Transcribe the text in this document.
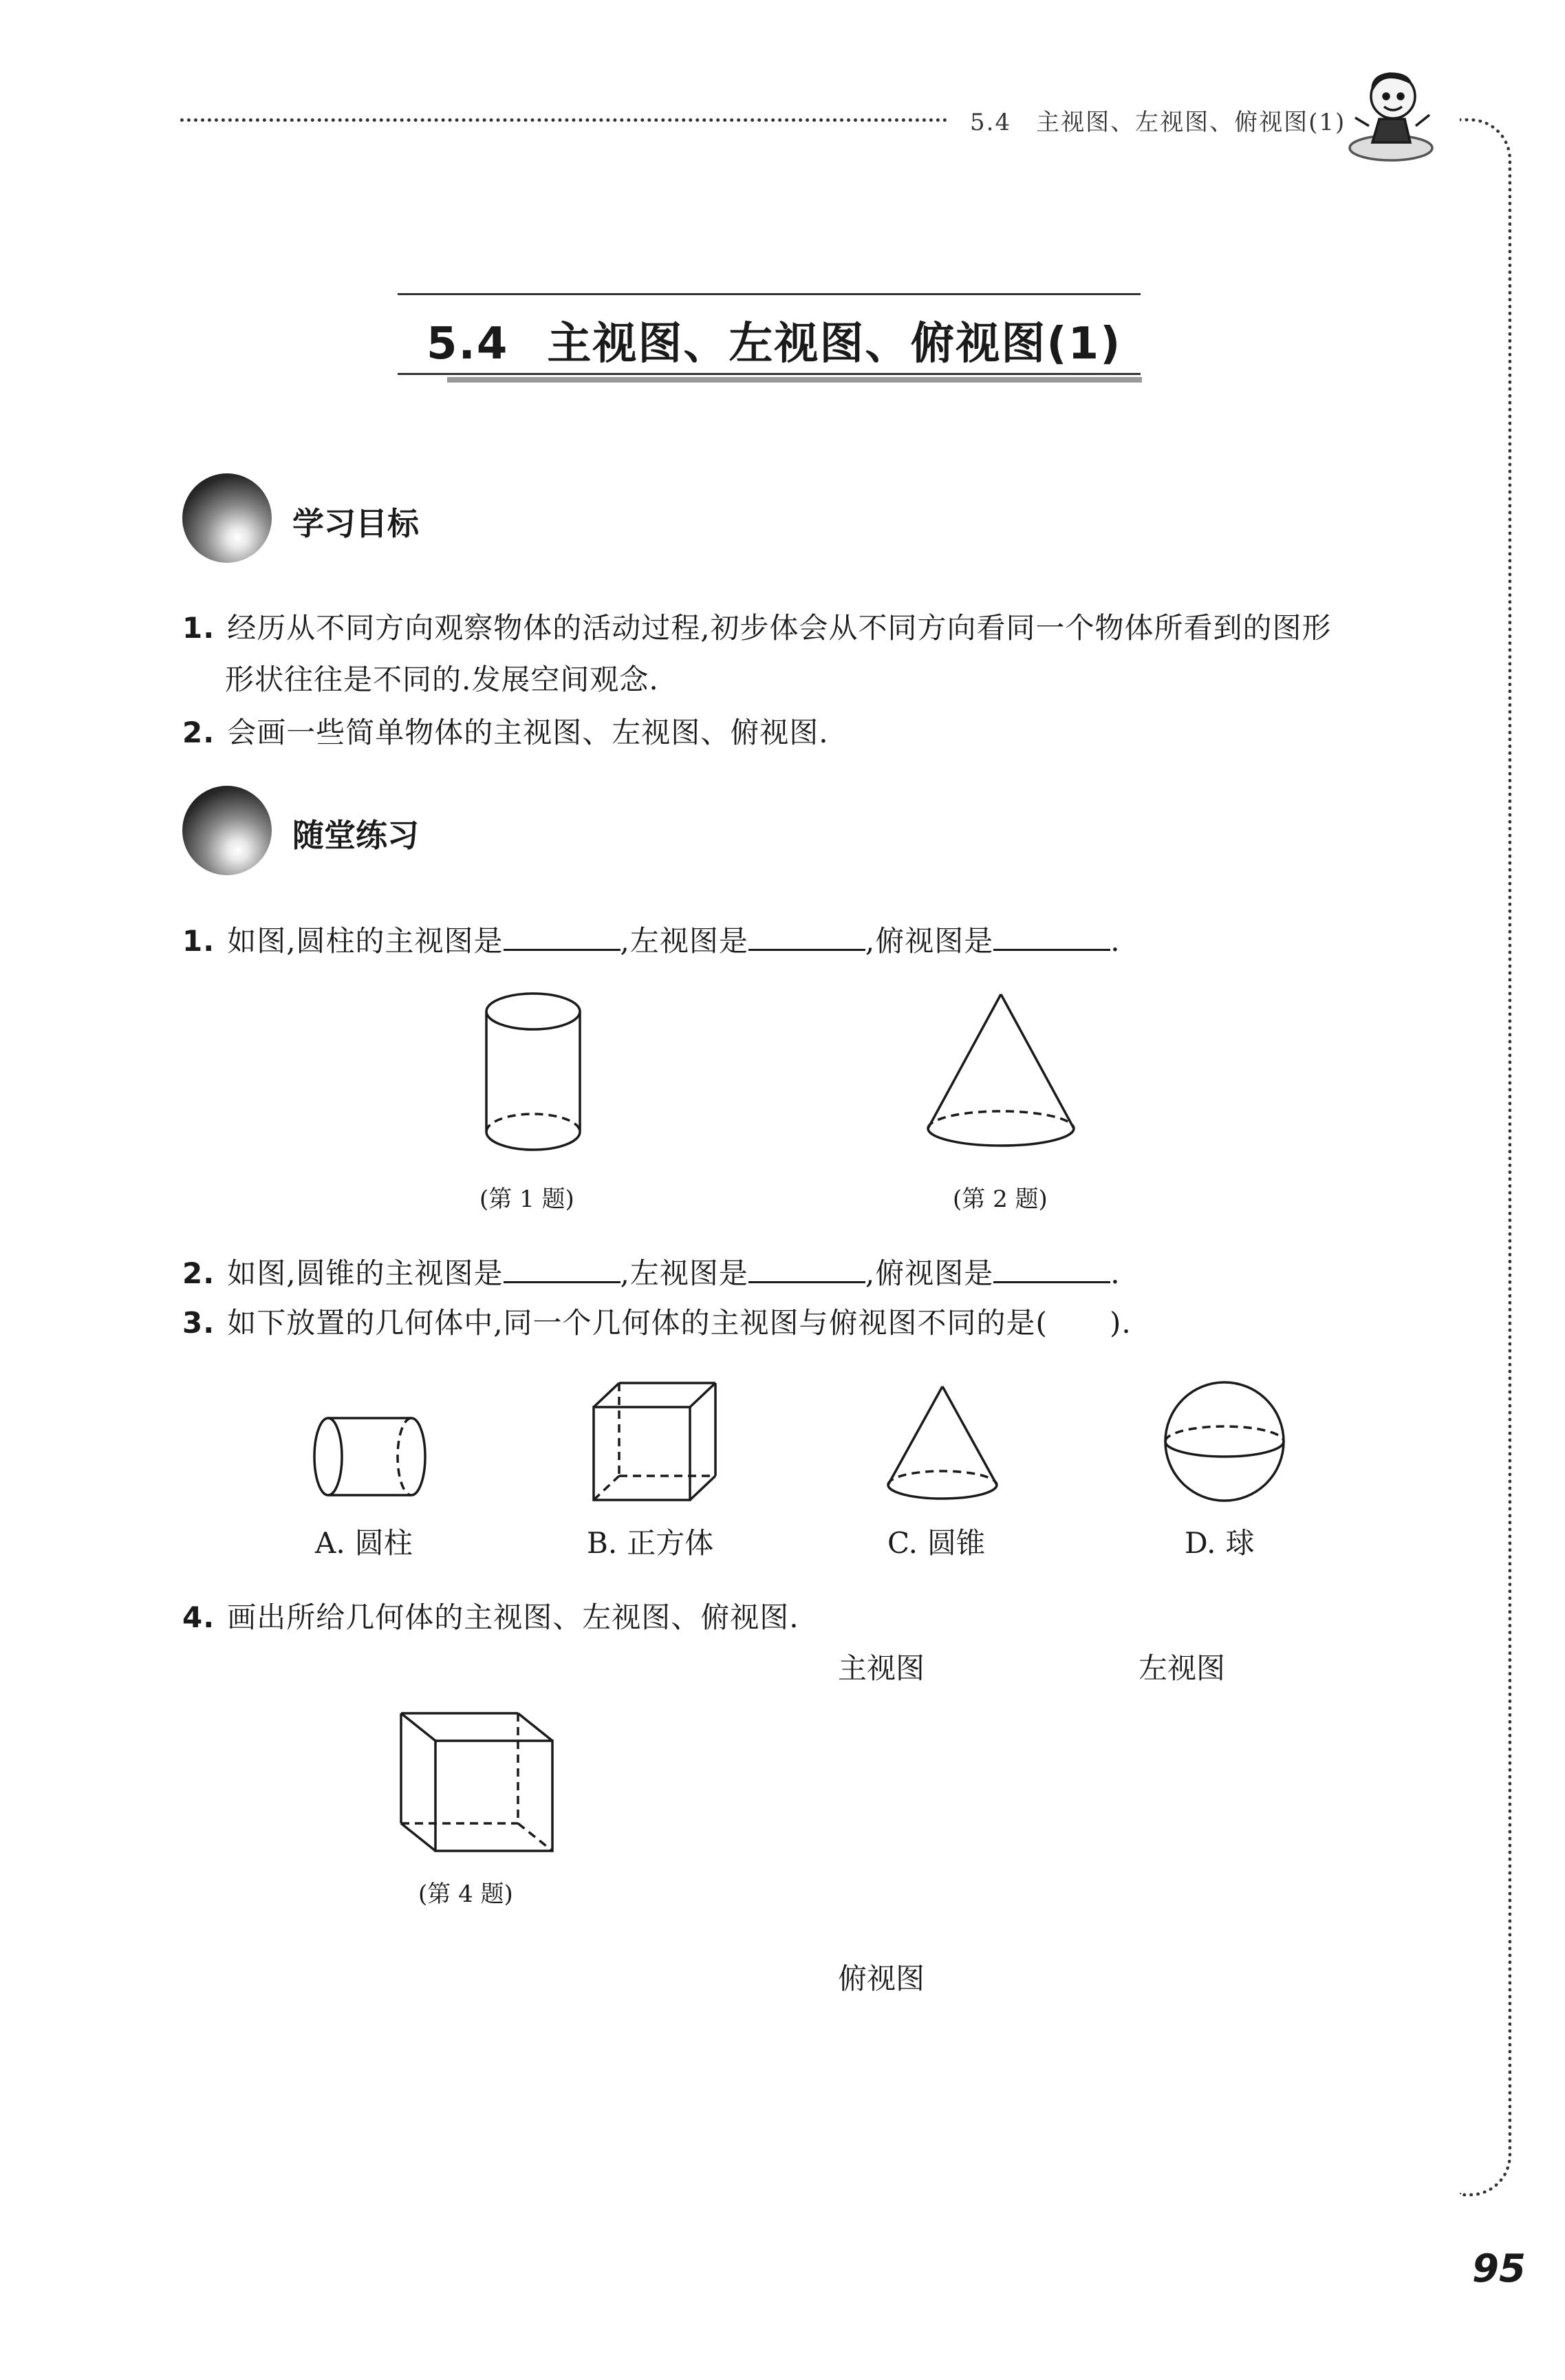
5.4　主视图、左视图、俯视图(1)
5.4 主视图、左视图、俯视图(1)
学习目标
1. 经历从不同方向观察物体的活动过程,初步体会从不同方向看同一个物体所看到的图形
形状往往是不同的.发展空间观念.
2. 会画一些简单物体的主视图、左视图、俯视图.
随堂练习
1. 如图,圆柱的主视图是	,左视图是	,俯视图是	.
(第 1 题)	(第 2 题)
2. 如图,圆锥的主视图是	,左视图是	,俯视图是	.
3. 如下放置的几何体中,同一个几何体的主视图与俯视图不同的是( ).
A. 圆柱	B. 正方体	C. 圆锥	D. 球
4. 画出所给几何体的主视图、左视图、俯视图.
主视图	左视图
(第 4 题)
俯视图
95
